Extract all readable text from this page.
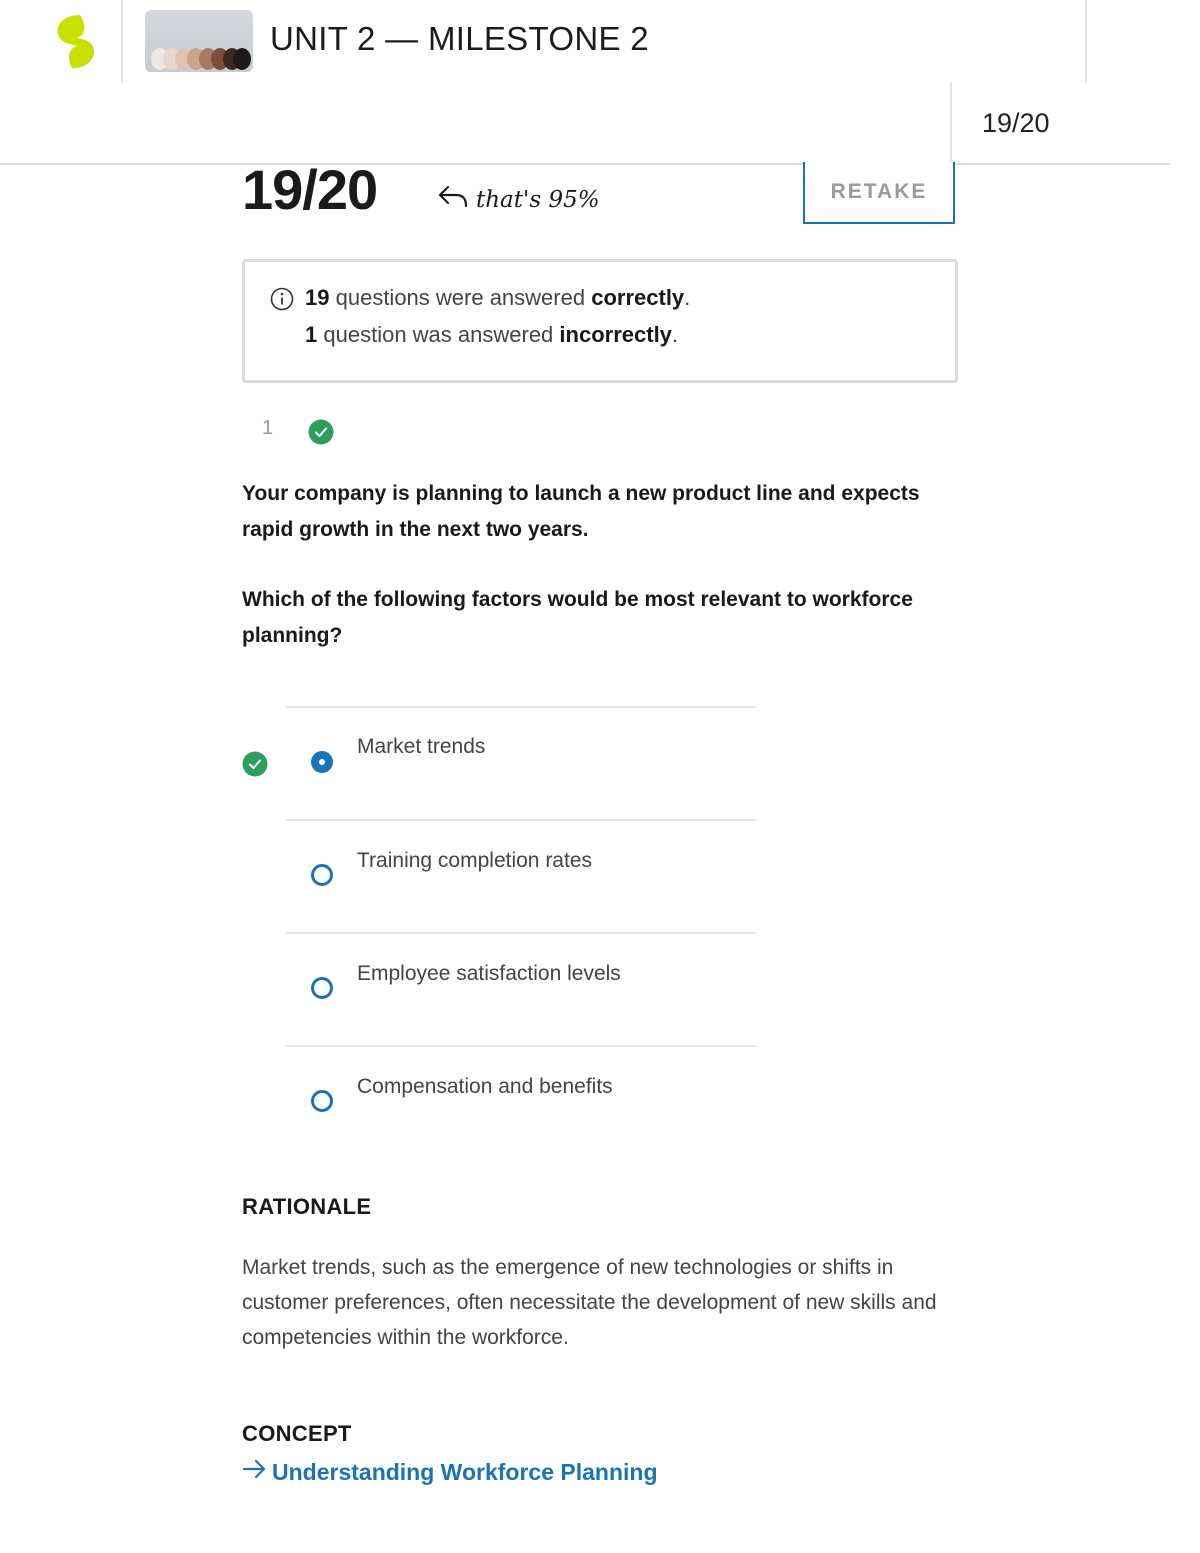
UNIT 2 — MILESTONE 2
19/20
19/20	that's 95%	RETAKE
19 questions were answered correctly.
1 question was answered incorrectly.
1
Your company is planning to launch a new product line and expects rapid growth in the next two years.
Which of the following factors would be most relevant to workforce planning?
Market trends
Training completion rates
Employee satisfaction levels
Compensation and benefits
RATIONALE
Market trends, such as the emergence of new technologies or shifts in customer preferences, often necessitate the development of new skills and competencies within the workforce.
CONCEPT
Understanding Workforce Planning
